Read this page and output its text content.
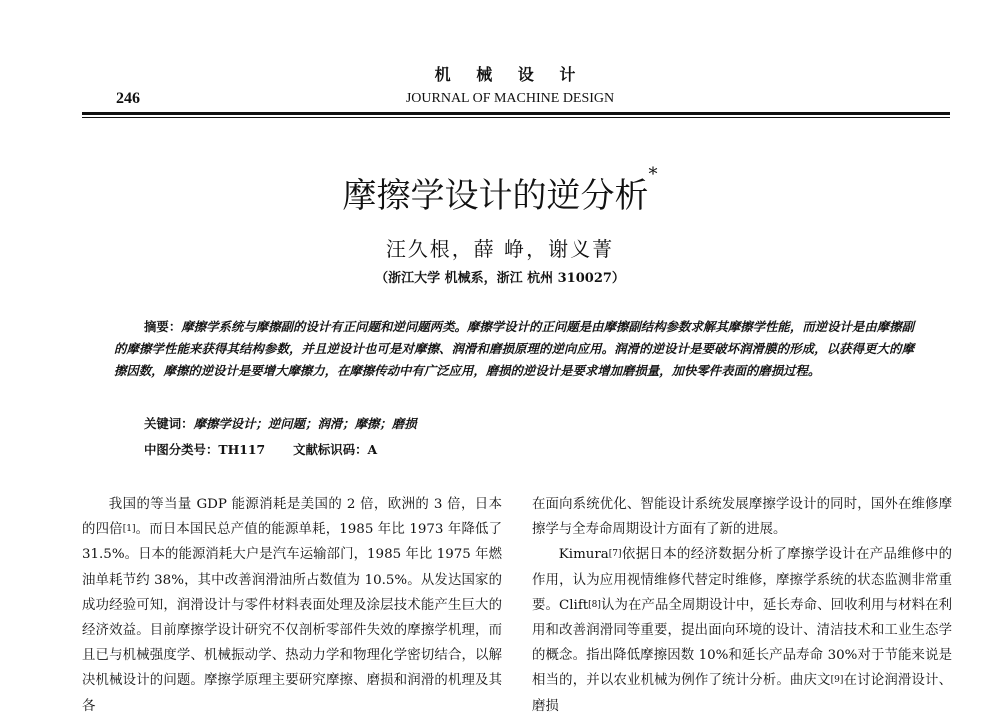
机 械 设 计
246	JOURNAL OF MACHINE DESIGN
摩擦学设计的逆分析*
汪久根，薛 峥，谢义菁
（浙江大学 机械系，浙江 杭州 310027）
摘要：摩擦学系统与摩擦副的设计有正问题和逆问题两类。摩擦学设计的正问题是由摩擦副结构参数求解其摩擦学性能，而逆设计是由摩擦副的摩擦学性能来获得其结构参数，并且逆设计也可是对摩擦、润滑和磨损原理的逆向应用。润滑的逆设计是要破坏润滑膜的形成，以获得更大的摩擦因数，摩擦的逆设计是要增大摩擦力，在摩擦传动中有广泛应用，磨损的逆设计是要求增加磨损量，加快零件表面的磨损过程。
关键词：摩擦学设计；逆问题；润滑；摩擦；磨损
中图分类号：TH117 文献标识码：A

我国的等当量 GDP 能源消耗是美国的 2 倍，欧洲的 3 倍，日本的四倍[1]。而日本国民总产值的能源单耗，1985 年比 1973 年降低了 31.5%。日本的能源消耗大户是汽车运输部门，1985 年比 1975 年燃油单耗节约 38%，其中改善润滑油所占数值为 10.5%。从发达国家的成功经验可知，润滑设计与零件材料表面处理及涂层技术能产生巨大的经济效益。目前摩擦学设计研究不仅剖析零部件失效的摩擦学机理，而且已与机械强度学、机械振动学、热动力学和物理化学密切结合，以解决机械设计的问题。摩擦学原理主要研究摩擦、磨损和润滑的机理及其各

在面向系统优化、智能设计系统发展摩擦学设计的同时，国外在维修摩擦学与全寿命周期设计方面有了新的进展。

Kimura[7]依据日本的经济数据分析了摩擦学设计在产品维修中的作用，认为应用视情维修代替定时维修，摩擦学系统的状态监测非常重要。Clift[8]认为在产品全周期设计中，延长寿命、回收利用与材料在利用和改善润滑同等重要，提出面向环境的设计、清洁技术和工业生态学的概念。指出降低摩擦因数 10%和延长产品寿命 30%对于节能来说是相当的，并以农业机械为例作了统计分析。曲庆文[9]在讨论润滑设计、磨损
